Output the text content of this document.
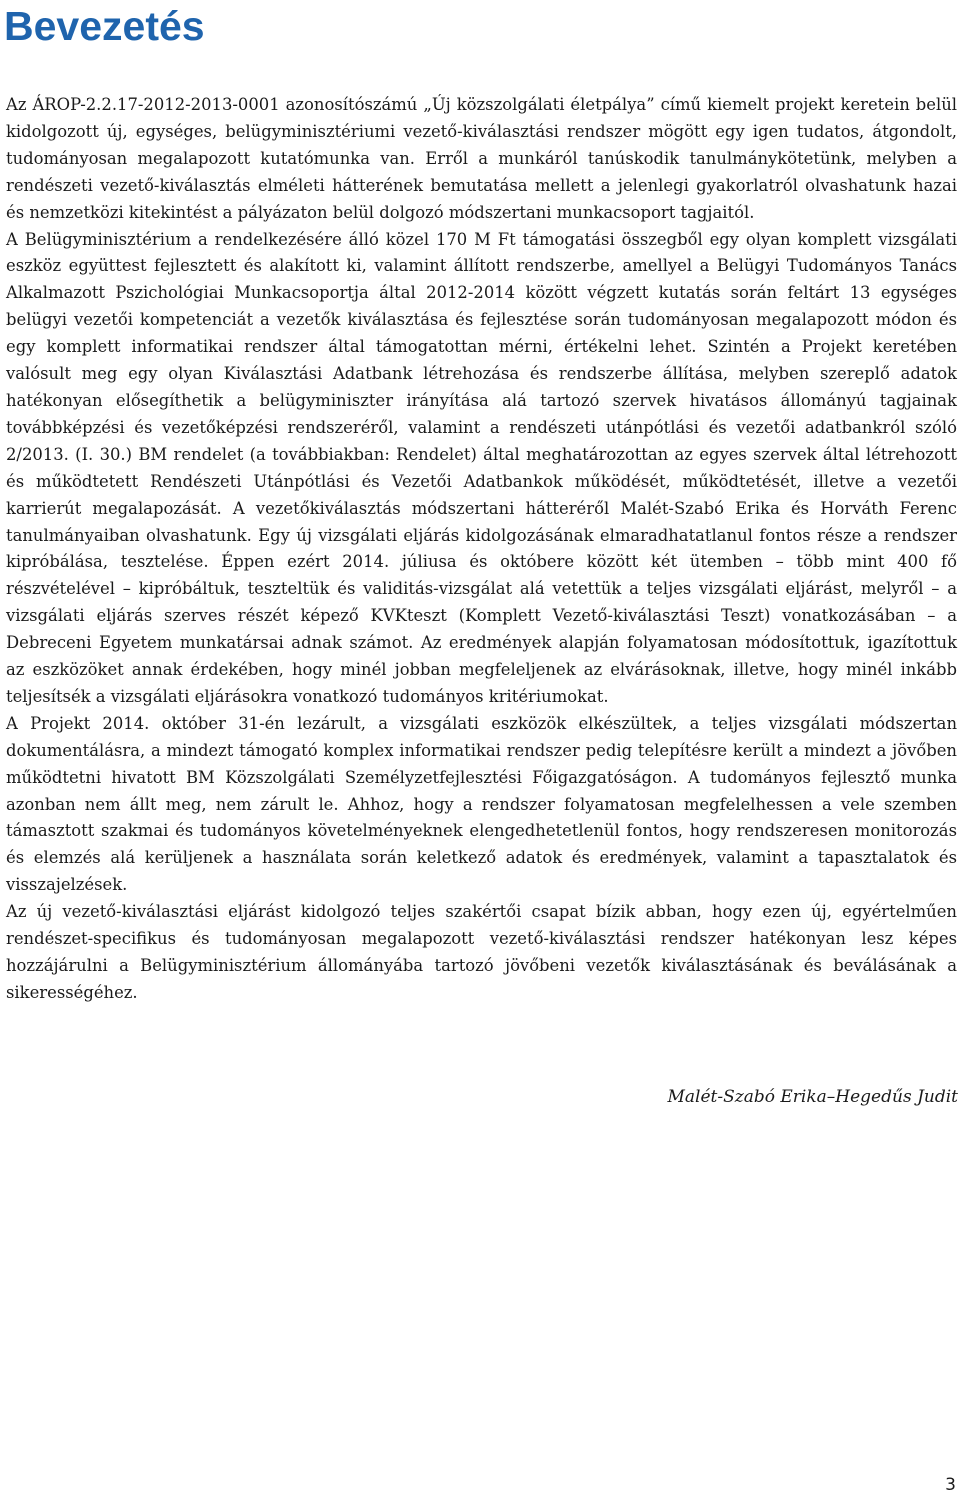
Bevezetés

Az ÁROP-2.2.17-2012-2013-0001 azonosítószámú „Új közszolgálati életpálya” című kiemelt projekt keretein belül kidolgozott új, egységes, belügyminisztériumi vezető-kiválasztási rendszer mögött egy igen tudatos, átgondolt, tudományosan megalapozott kutatómunka van. Erről a munkáról tanúskodik tanulmánykötetünk, melyben a rendészeti vezető-kiválasztás elméleti hátterének bemutatása mellett a jelenlegi gyakorlatról olvashatunk hazai és nemzetközi kitekintést a pályázaton belül dolgozó módszertani munkacsoport tagjaitól.

A Belügyminisztérium a rendelkezésére álló közel 170 M Ft támogatási összegből egy olyan komplett vizsgálati eszköz együttest fejlesztett és alakított ki, valamint állított rendszerbe, amellyel a Belügyi Tudományos Tanács Alkalmazott Pszichológiai Munkacsoportja által 2012-2014 között végzett kutatás során feltárt 13 egységes belügyi vezetői kompetenciát a vezetők kiválasztása és fejlesztése során tudományosan megalapozott módon és egy komplett informatikai rendszer által támogatottan mérni, értékelni lehet. Szintén a Projekt keretében valósult meg egy olyan Kiválasztási Adatbank létrehozása és rendszerbe állítása, melyben szereplő adatok hatékonyan elősegíthetik a belügyminiszter irányítása alá tartozó szervek hivatásos állományú tagjainak továbbképzési és vezetőképzési rendszeréről, valamint a rendészeti utánpótlási és vezetői adatbankról szóló 2/2013. (I. 30.) BM rendelet (a továbbiakban: Rendelet) által meghatározottan az egyes szervek által létrehozott és működtetett Rendészeti Utánpótlási és Vezetői Adatbankok működését, működtetését, illetve a vezetői karrierút megalapozását. A vezetőkiválasztás módszertani hátteréről Malét-Szabó Erika és Horváth Ferenc tanulmányaiban olvashatunk. Egy új vizsgálati eljárás kidolgozásának elmaradhatatlanul fontos része a rendszer kipróbálása, tesztelése. Éppen ezért 2014. júliusa és októbere között két ütemben – több mint 400 fő részvételével – kipróbáltuk, teszteltük és validitás-vizsgálat alá vetettük a teljes vizsgálati eljárást, melyről – a vizsgálati eljárás szerves részét képező KVKteszt (Komplett Vezető-kiválasztási Teszt) vonatkozásában – a Debreceni Egyetem munkatársai adnak számot. Az eredmények alapján folyamatosan módosítottuk, igazítottuk az eszközöket annak érdekében, hogy minél jobban megfeleljenek az elvárásoknak, illetve, hogy minél inkább teljesítsék a vizsgálati eljárásokra vonatkozó tudományos kritériumokat.

A Projekt 2014. október 31-én lezárult, a vizsgálati eszközök elkészültek, a teljes vizsgálati módszertan dokumentálásra, a mindezt támogató komplex informatikai rendszer pedig telepítésre került a mindezt a jövőben működtetni hivatott BM Közszolgálati Személyzetfejlesztési Főigazgatóságon. A tudományos fejlesztő munka azonban nem állt meg, nem zárult le. Ahhoz, hogy a rendszer folyamatosan megfelelhessen a vele szemben támasztott szakmai és tudományos követelményeknek elengedhetetlenül fontos, hogy rendszeresen monitorozás és elemzés alá kerüljenek a használata során keletkező adatok és eredmények, valamint a tapasztalatok és visszajelzések.

Az új vezető-kiválasztási eljárást kidolgozó teljes szakértői csapat bízik abban, hogy ezen új, egyértelműen rendészet-specifikus és tudományosan megalapozott vezető-kiválasztási rendszer hatékonyan lesz képes hozzájárulni a Belügyminisztérium állományába tartozó jövőbeni vezetők kiválasztásának és beválásának a sikerességéhez.

Malét-Szabó Erika–Hegedűs Judit
3
